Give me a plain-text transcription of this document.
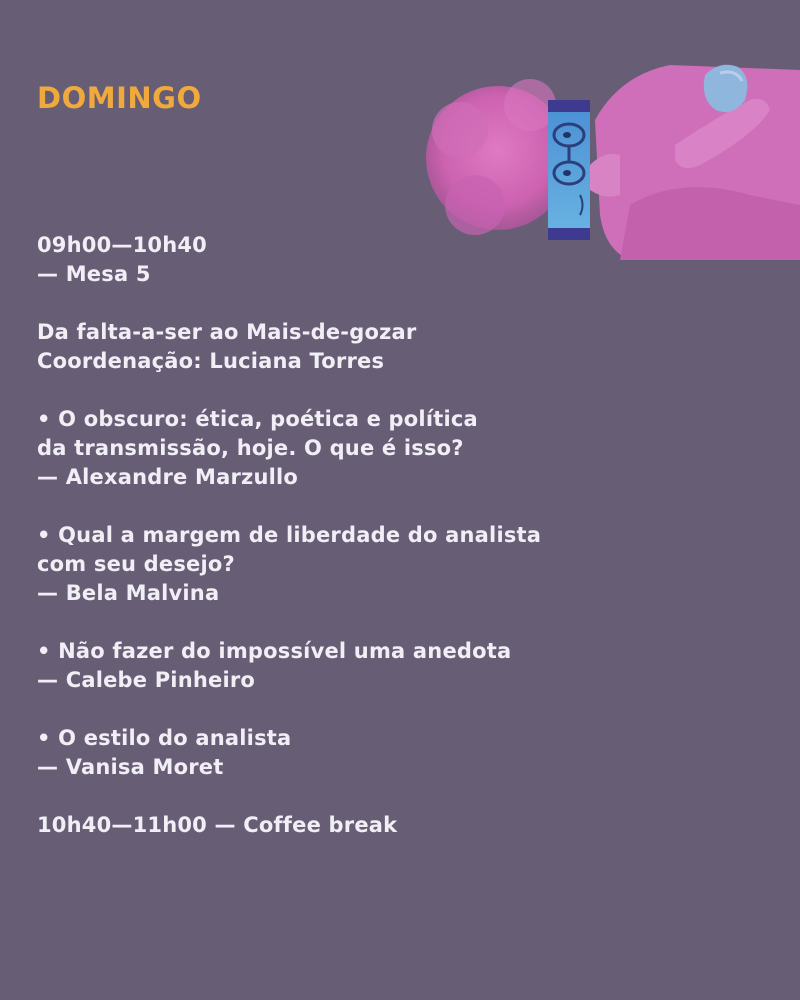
DOMINGO
09h00—10h40
— Mesa 5
Da falta-a-ser ao Mais-de-gozar
Coordenação: Luciana Torres
• O obscuro: ética, poética e política
da transmissão, hoje. O que é isso?
— Alexandre Marzullo
• Qual a margem de liberdade do analista
com seu desejo?
— Bela Malvina
• Não fazer do impossível uma anedota
— Calebe Pinheiro
• O estilo do analista
— Vanisa Moret
10h40—11h00 — Coffee break
